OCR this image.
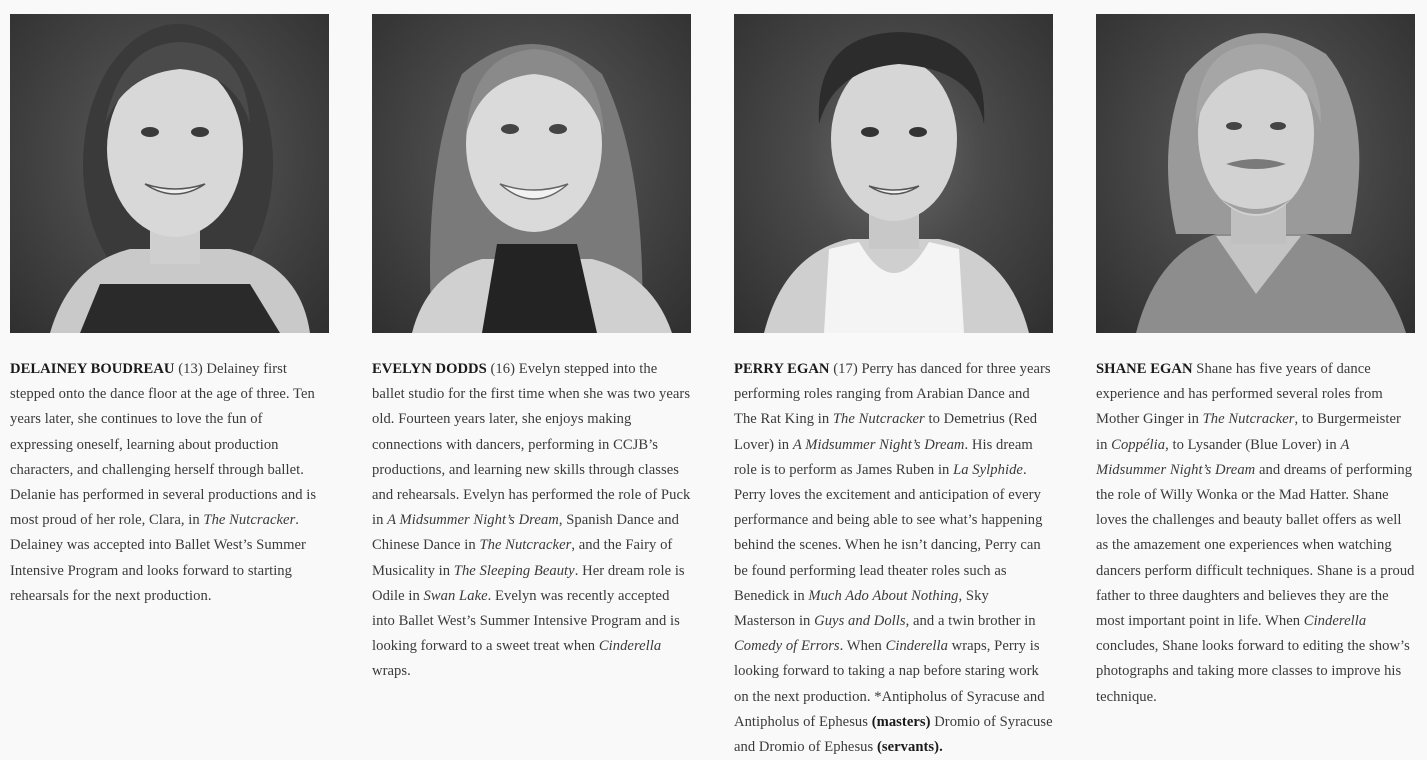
DELAINEY BOUDREAU (13) Delainey first stepped onto the dance floor at the age of three. Ten years later, she continues to love the fun of expressing oneself, learning about production characters, and challenging herself through ballet. Delanie has performed in several productions and is most proud of her role, Clara, in The Nutcracker. Delainey was accepted into Ballet West’s Summer Intensive Program and looks forward to starting rehearsals for the next production.
EVELYN DODDS (16) Evelyn stepped into the ballet studio for the first time when she was two years old. Fourteen years later, she enjoys making connections with dancers, performing in CCJB’s productions, and learning new skills through classes and rehearsals. Evelyn has performed the role of Puck in A Midsummer Night’s Dream, Spanish Dance and Chinese Dance in The Nutcracker, and the Fairy of Musicality in The Sleeping Beauty. Her dream role is Odile in Swan Lake. Evelyn was recently accepted into Ballet West’s Summer Intensive Program and is looking forward to a sweet treat when Cinderella wraps.
PERRY EGAN (17) Perry has danced for three years performing roles ranging from Arabian Dance and The Rat King in The Nutcracker to Demetrius (Red Lover) in A Midsummer Night’s Dream. His dream role is to perform as James Ruben in La Sylphide. Perry loves the excitement and anticipation of every performance and being able to see what’s happening behind the scenes. When he isn’t dancing, Perry can be found performing lead theater roles such as Benedick in Much Ado About Nothing, Sky Masterson in Guys and Dolls, and a twin brother in Comedy of Errors. When Cinderella wraps, Perry is looking forward to taking a nap before staring work on the next production. *Antipholus of Syracuse and Antipholus of Ephesus (masters) Dromio of Syracuse and Dromio of Ephesus (servants).
SHANE EGAN Shane has five years of dance experience and has performed several roles from Mother Ginger in The Nutcracker, to Burgermeister in Coppélia, to Lysander (Blue Lover) in A Midsummer Night’s Dream and dreams of performing the role of Willy Wonka or the Mad Hatter. Shane loves the challenges and beauty ballet offers as well as the amazement one experiences when watching dancers perform difficult techniques. Shane is a proud father to three daughters and believes they are the most important point in life. When Cinderella concludes, Shane looks forward to editing the show’s photographs and taking more classes to improve his technique.
